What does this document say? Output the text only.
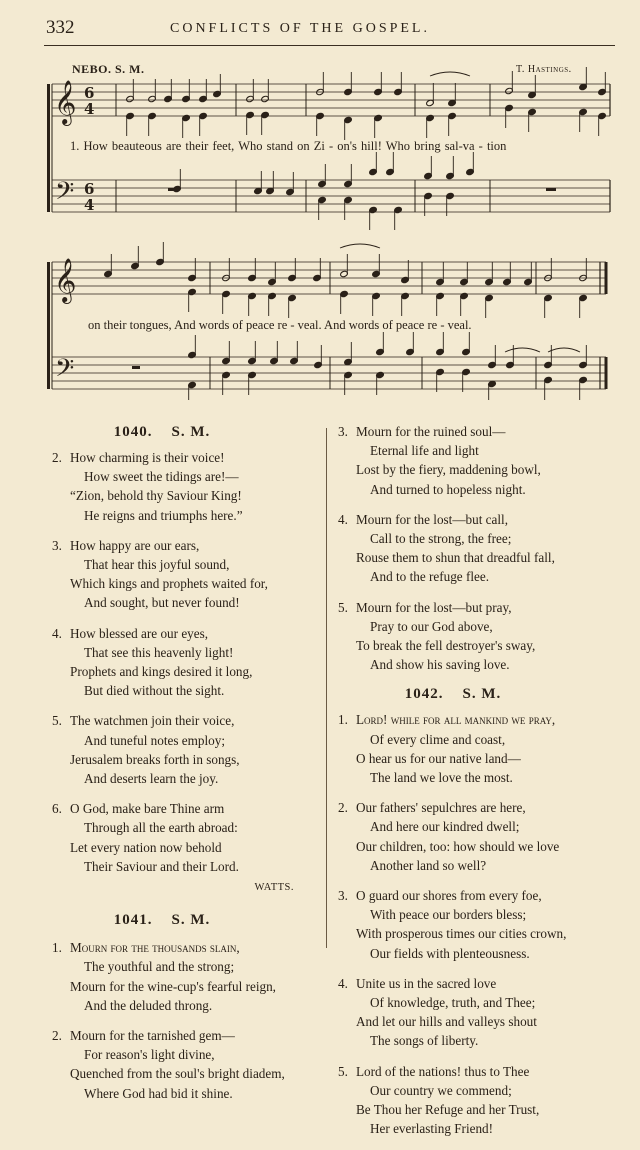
332	CONFLICTS OF THE GOSPEL.
NEBO. S. M.	T. Hastings.
𝄞
𝄢
6
4
6
4
𝄞
𝄢
1. How beauteous are their feet, Who stand on Zi - on's hill! Who bring sal-va - tion
on their tongues, And words of peace re - veal. And words of peace re - veal.
1040. S. M.
2. How charming is their voice!
How sweet the tidings are!—
“Zion, behold thy Saviour King!
He reigns and triumphs here.”
3. How happy are our ears,
That hear this joyful sound,
Which kings and prophets waited for,
And sought, but never found!
4. How blessed are our eyes,
That see this heavenly light!
Prophets and kings desired it long,
But died without the sight.
5. The watchmen join their voice,
And tuneful notes employ;
Jerusalem breaks forth in songs,
And deserts learn the joy.
6. O God, make bare Thine arm
Through all the earth abroad:
Let every nation now behold
Their Saviour and their Lord.
WATTS.
1041. S. M.
1. Mourn for the thousands slain,
The youthful and the strong;
Mourn for the wine-cup's fearful reign,
And the deluded throng.
2. Mourn for the tarnished gem—
For reason's light divine,
Quenched from the soul's bright diadem,
Where God had bid it shine.
3. Mourn for the ruined soul—
Eternal life and light
Lost by the fiery, maddening bowl,
And turned to hopeless night.
4. Mourn for the lost—but call,
Call to the strong, the free;
Rouse them to shun that dreadful fall,
And to the refuge flee.
5. Mourn for the lost—but pray,
Pray to our God above,
To break the fell destroyer's sway,
And show his saving love.
1042. S. M.
1. Lord! while for all mankind we pray,
Of every clime and coast,
O hear us for our native land—
The land we love the most.
2. Our fathers' sepulchres are here,
And here our kindred dwell;
Our children, too: how should we love
Another land so well?
3. O guard our shores from every foe,
With peace our borders bless;
With prosperous times our cities crown,
Our fields with plenteousness.
4. Unite us in the sacred love
Of knowledge, truth, and Thee;
And let our hills and valleys shout
The songs of liberty.
5. Lord of the nations! thus to Thee
Our country we commend;
Be Thou her Refuge and her Trust,
Her everlasting Friend!
